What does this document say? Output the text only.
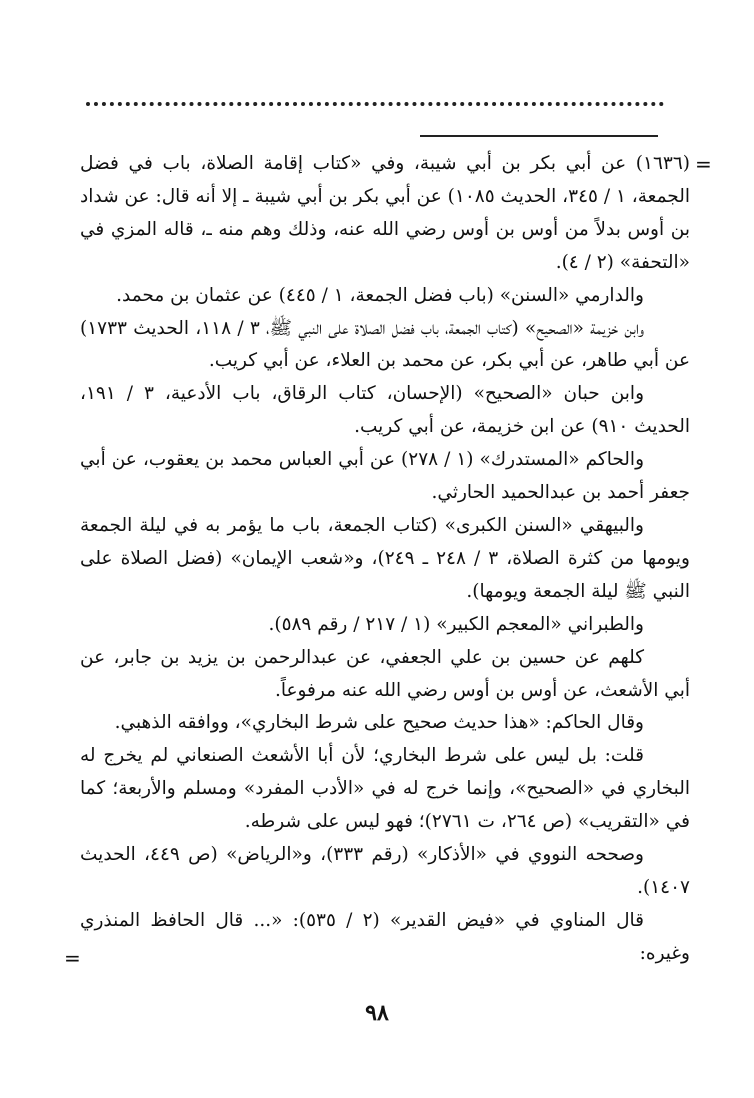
=

(١٦٣٦) عن أبي بكر بن أبي شيبة، وفي «كتاب إقامة الصلاة، باب في فضل الجمعة، ١ / ٣٤٥، الحديث ١٠٨٥) عن أبي بكر بن أبي شيبة ـ إلا أنه قال: عن شداد بن أوس بدلاً من أوس بن أوس رضي الله عنه، وذلك وهم منه ـ، قاله المزي في «التحفة» (٢ / ٤).

والدارمي «السنن» (باب فضل الجمعة، ١ / ٤٤٥) عن عثمان بن محمد.

وابن خزيمة «الصحيح» (كتاب الجمعة، باب فضل الصلاة على النبي ﷺ، ٣ / ١١٨، الحديث ١٧٣٣) عن أبي طاهر، عن أبي بكر، عن محمد بن العلاء، عن أبي كريب.

وابن حبان «الصحيح» (الإحسان، كتاب الرقاق، باب الأدعية، ٣ / ١٩١، الحديث ٩١٠) عن ابن خزيمة، عن أبي كريب.

والحاكم «المستدرك» (١ / ٢٧٨) عن أبي العباس محمد بن يعقوب، عن أبي جعفر أحمد بن عبدالحميد الحارثي.

والبيهقي «السنن الكبرى» (كتاب الجمعة، باب ما يؤمر به في ليلة الجمعة ويومها من كثرة الصلاة، ٣ / ٢٤٨ ـ ٢٤٩)، و«شعب الإيمان» (فضل الصلاة على النبي ﷺ ليلة الجمعة ويومها).

والطبراني «المعجم الكبير» (١ / ٢١٧ / رقم ٥٨٩).

كلهم عن حسين بن علي الجعفي، عن عبدالرحمن بن يزيد بن جابر، عن أبي الأشعث، عن أوس بن أوس رضي الله عنه مرفوعاً.

وقال الحاكم: «هذا حديث صحيح على شرط البخاري»، ووافقه الذهبي.

قلت: بل ليس على شرط البخاري؛ لأن أبا الأشعث الصنعاني لم يخرج له البخاري في «الصحيح»، وإنما خرج له في «الأدب المفرد» ومسلم والأربعة؛ كما في «التقريب» (ص ٢٦٤، ت ٢٧٦١)؛ فهو ليس على شرطه.

وصححه النووي في «الأذكار» (رقم ٣٣٣)، و«الرياض» (ص ٤٤٩، الحديث ١٤٠٧).

قال المناوي في «فيض القدير» (٢ / ٥٣٥): «... قال الحافظ المنذري وغيره:

=
٩٨
